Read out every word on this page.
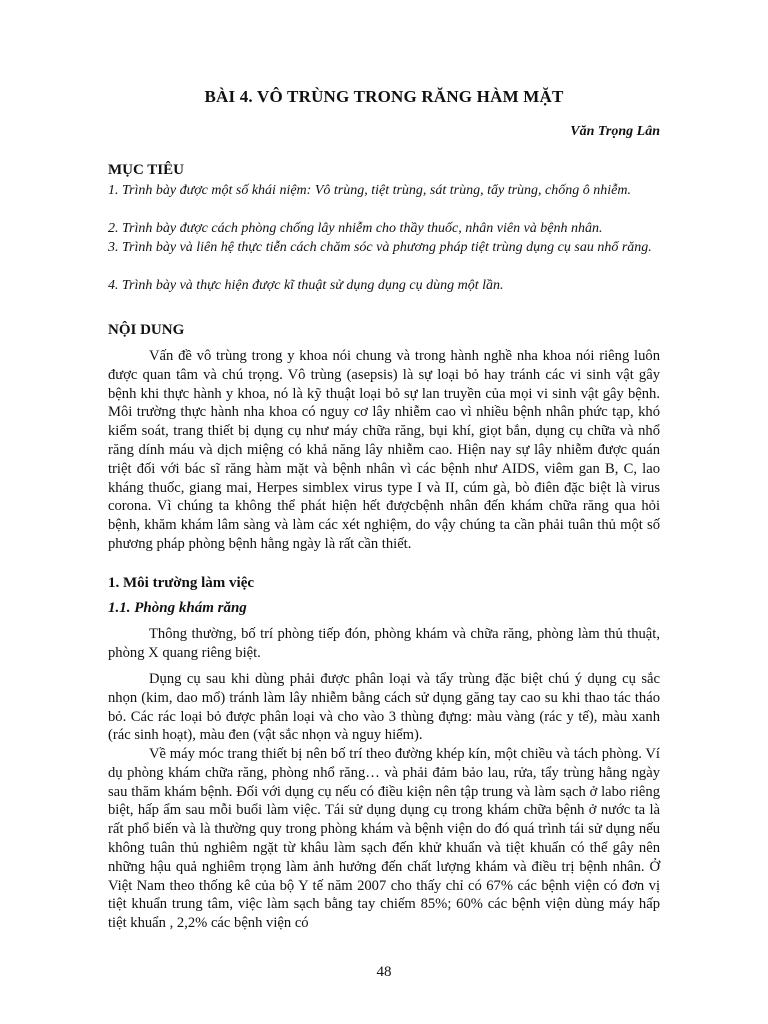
BÀI 4. VÔ TRÙNG TRONG RĂNG HÀM MẶT
Văn Trọng Lân
MỤC TIÊU

1. Trình bày được một số khái niệm: Vô trùng, tiệt trùng, sát trùng, tẩy trùng, chống ô nhiễm.

2. Trình bày được cách phòng chống lây nhiễm cho thầy thuốc, nhân viên và bệnh nhân.

3. Trình bày và liên hệ thực tiễn cách chăm sóc và phương pháp tiệt trùng dụng cụ sau nhổ răng.

4. Trình bày và thực hiện được kĩ thuật sử dụng dụng cụ dùng một lần.

NỘI DUNG

Vấn đề vô trùng trong y khoa nói chung và trong hành nghề nha khoa nói riêng luôn được quan tâm và chú trọng. Vô trùng (asepsis) là sự loại bỏ hay tránh các vi sinh vật gây bệnh khi thực hành y khoa, nó là kỹ thuật loại bỏ sự lan truyền của mọi vi sinh vật gây bệnh. Môi trường thực hành nha khoa có nguy cơ lây nhiễm cao vì nhiều bệnh nhân phức tạp, khó kiểm soát, trang thiết bị dụng cụ như máy chữa răng, bụi khí, giọt bắn, dụng cụ chữa và nhổ răng dính máu và dịch miệng có khả năng lây nhiễm cao. Hiện nay sự lây nhiễm được quán triệt đối với bác sĩ răng hàm mặt và bệnh nhân vì các bệnh như AIDS, viêm gan B, C, lao kháng thuốc, giang mai, Herpes simblex virus type I và II, cúm gà, bò điên đặc biệt là virus corona. Vì chúng ta không thể phát hiện hết đượcbệnh nhân đến khám chữa răng qua hỏi bệnh, khăm khám lâm sàng và làm các xét nghiệm, do vậy chúng ta cần phải tuân thủ một số phương pháp phòng bệnh hằng ngày là rất cần thiết.

1. Môi trường làm việc
1.1. Phòng khám răng

Thông thường, bố trí phòng tiếp đón, phòng khám và chữa răng, phòng làm thủ thuật, phòng X quang riêng biệt.

Dụng cụ sau khi dùng phải được phân loại và tẩy trùng đặc biệt chú ý dụng cụ sắc nhọn (kim, dao mổ) tránh làm lây nhiễm bằng cách sử dụng găng tay cao su khi thao tác tháo bỏ. Các rác loại bỏ được phân loại và cho vào 3 thùng đựng: màu vàng (rác y tế), màu xanh (rác sinh hoạt), màu đen (vật sắc nhọn và nguy hiểm).

Về máy móc trang thiết bị nên bố trí theo đường khép kín, một chiều và tách phòng. Ví dụ phòng khám chữa răng, phòng nhổ răng… và phải đảm bảo lau, rửa, tẩy trùng hằng ngày sau thăm khám bệnh. Đối với dụng cụ nếu có điều kiện nên tập trung và làm sạch ở labo riêng biệt, hấp ẩm sau mỗi buổi làm việc. Tái sử dụng dụng cụ trong khám chữa bệnh ở nước ta là rất phổ biến và là thường quy trong phòng khám và bệnh viện do đó quá trình tái sử dụng nếu không tuân thủ nghiêm ngặt từ khâu làm sạch đến khử khuẩn và tiệt khuẩn có thể gây nên những hậu quả nghiêm trọng làm ảnh hưởng đến chất lượng khám và điều trị bệnh nhân. Ở Việt Nam theo thống kê của bộ Y tế năm 2007 cho thấy chỉ có 67% các bệnh viện có đơn vị tiệt khuẩn trung tâm, việc làm sạch bằng tay chiếm 85%; 60% các bệnh viện dùng máy hấp tiệt khuẩn , 2,2% các bệnh viện có

48
